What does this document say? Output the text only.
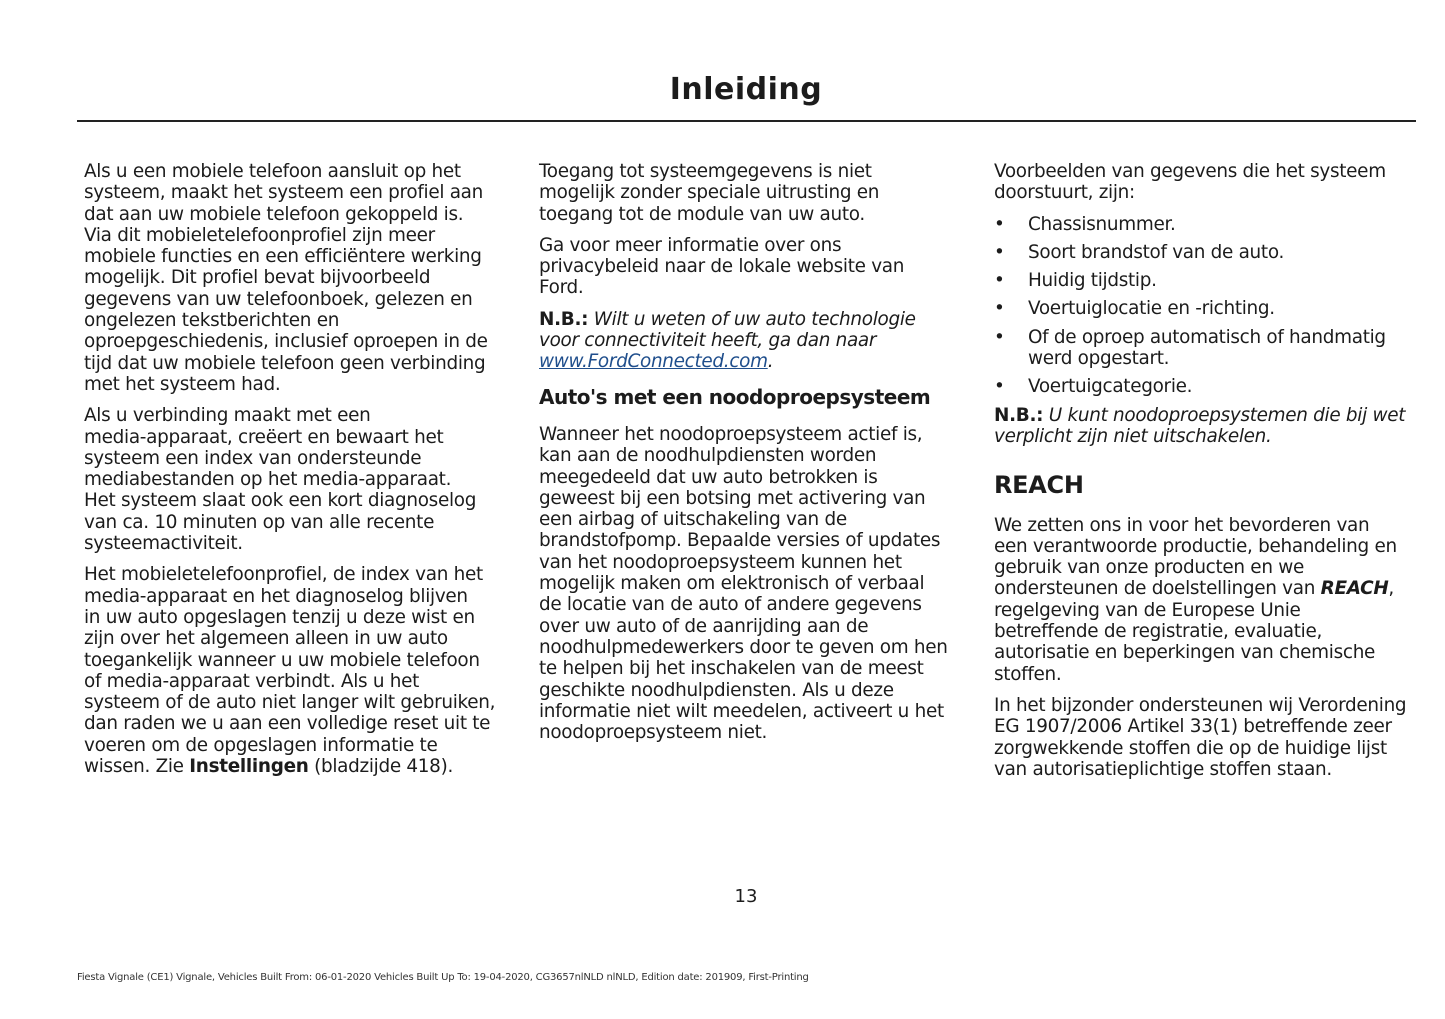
Inleiding
Als u een mobiele telefoon aansluit op het
systeem, maakt het systeem een profiel aan
dat aan uw mobiele telefoon gekoppeld is.
Via dit mobieletelefoonprofiel zijn meer
mobiele functies en een efficiëntere werking
mogelijk. Dit profiel bevat bijvoorbeeld
gegevens van uw telefoonboek, gelezen en
ongelezen tekstberichten en
oproepgeschiedenis, inclusief oproepen in de
tijd dat uw mobiele telefoon geen verbinding
met het systeem had.
Als u verbinding maakt met een
media-apparaat, creëert en bewaart het
systeem een index van ondersteunde
mediabestanden op het media-apparaat.
Het systeem slaat ook een kort diagnoselog
van ca. 10 minuten op van alle recente
systeemactiviteit.
Het mobieletelefoonprofiel, de index van het
media-apparaat en het diagnoselog blijven
in uw auto opgeslagen tenzij u deze wist en
zijn over het algemeen alleen in uw auto
toegankelijk wanneer u uw mobiele telefoon
of media-apparaat verbindt. Als u het
systeem of de auto niet langer wilt gebruiken,
dan raden we u aan een volledige reset uit te
voeren om de opgeslagen informatie te
wissen. Zie Instellingen (bladzijde 418).
Toegang tot systeemgegevens is niet
mogelijk zonder speciale uitrusting en
toegang tot de module van uw auto.
Ga voor meer informatie over ons
privacybeleid naar de lokale website van
Ford.
N.B.: Wilt u weten of uw auto technologie
voor connectiviteit heeft, ga dan naar
www.FordConnected.com.
Auto's met een noodoproepsysteem
Wanneer het noodoproepsysteem actief is,
kan aan de noodhulpdiensten worden
meegedeeld dat uw auto betrokken is
geweest bij een botsing met activering van
een airbag of uitschakeling van de
brandstofpomp. Bepaalde versies of updates
van het noodoproepsysteem kunnen het
mogelijk maken om elektronisch of verbaal
de locatie van de auto of andere gegevens
over uw auto of de aanrijding aan de
noodhulpmedewerkers door te geven om hen
te helpen bij het inschakelen van de meest
geschikte noodhulpdiensten. Als u deze
informatie niet wilt meedelen, activeert u het
noodoproepsysteem niet.
Voorbeelden van gegevens die het systeem
doorstuurt, zijn:
• Chassisnummer.
• Soort brandstof van de auto.
• Huidig tijdstip.
• Voertuiglocatie en -richting.
• Of de oproep automatisch of handmatig
werd opgestart.
• Voertuigcategorie.
N.B.: U kunt noodoproepsystemen die bij wet
verplicht zijn niet uitschakelen.
REACH
We zetten ons in voor het bevorderen van
een verantwoorde productie, behandeling en
gebruik van onze producten en we
ondersteunen de doelstellingen van REACH,
regelgeving van de Europese Unie
betreffende de registratie, evaluatie,
autorisatie en beperkingen van chemische
stoffen.
In het bijzonder ondersteunen wij Verordening
EG 1907/2006 Artikel 33(1) betreffende zeer
zorgwekkende stoffen die op de huidige lijst
van autorisatieplichtige stoffen staan.
13
Fiesta Vignale (CE1) Vignale, Vehicles Built From: 06-01-2020 Vehicles Built Up To: 19-04-2020, CG3657nlNLD nlNLD, Edition date: 201909, First-Printing
